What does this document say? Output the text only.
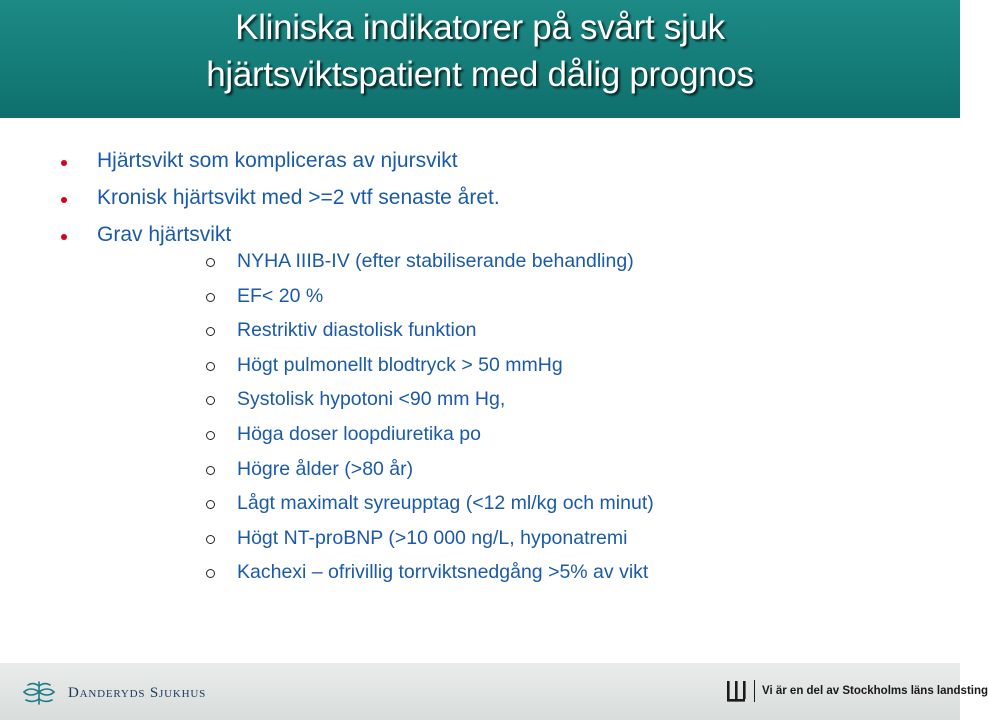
Kliniska indikatorer på svårt sjuk
hjärtsviktspatient med dålig prognos
Hjärtsvikt som kompliceras av njursvikt
Kronisk hjärtsvikt med >=2 vtf senaste året.
Grav hjärtsvikt
NYHA IIIB-IV (efter stabiliserande behandling)
EF< 20 %
Restriktiv diastolisk funktion
Högt pulmonellt blodtryck > 50 mmHg
Systolisk hypotoni <90 mm Hg,
Höga doser loopdiuretika po
Högre ålder (>80 år)
Lågt maximalt syreupptag (<12 ml/kg och minut)
Högt NT-proBNP (>10 000 ng/L, hyponatremi
Kachexi – ofrivillig torrviktsnedgång >5% av vikt
Danderyds Sjukhus	Vi är en del av Stockholms läns landsting
